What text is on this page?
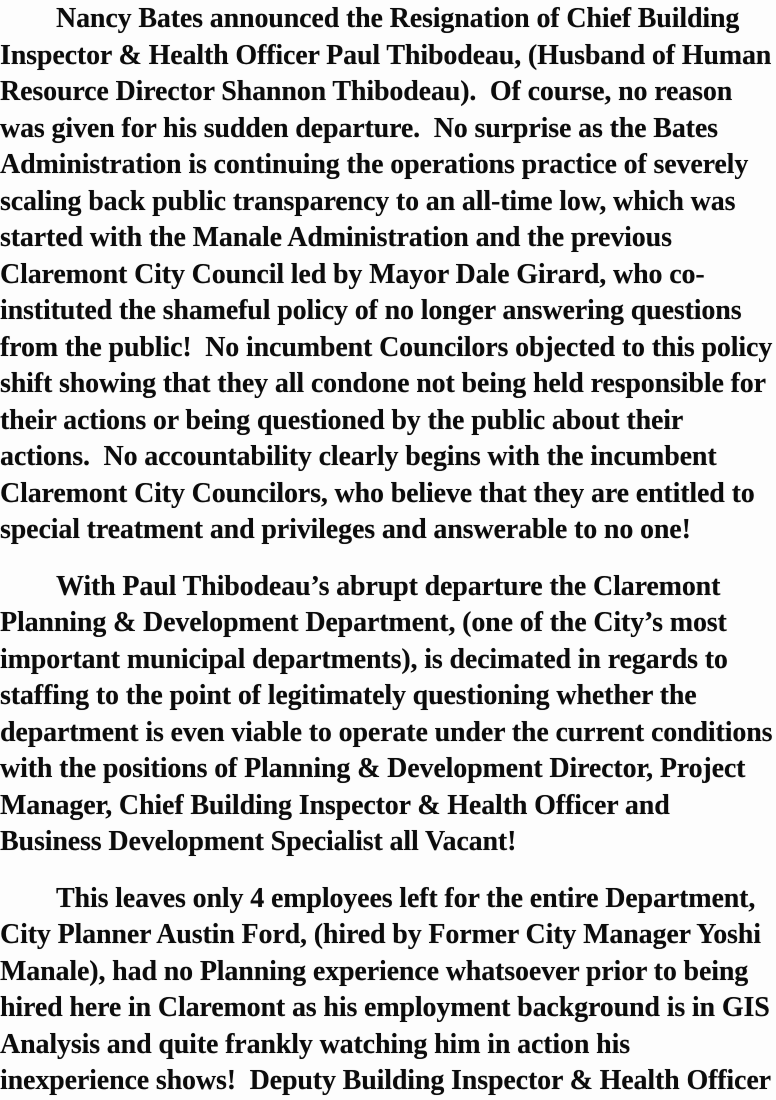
Nancy Bates announced the Resignation of Chief Building
Inspector & Health Officer Paul Thibodeau, (Husband of Human
Resource Director Shannon Thibodeau).  Of course, no reason
was given for his sudden departure.  No surprise as the Bates
Administration is continuing the operations practice of severely
scaling back public transparency to an all-time low, which was
started with the Manale Administration and the previous
Claremont City Council led by Mayor Dale Girard, who co-
instituted the shameful policy of no longer answering questions
from the public!  No incumbent Councilors objected to this policy
shift showing that they all condone not being held responsible for
their actions or being questioned by the public about their
actions.  No accountability clearly begins with the incumbent
Claremont City Councilors, who believe that they are entitled to
special treatment and privileges and answerable to no one!
With Paul Thibodeau’s abrupt departure the Claremont
Planning & Development Department, (one of the City’s most
important municipal departments), is decimated in regards to
staffing to the point of legitimately questioning whether the
department is even viable to operate under the current conditions
with the positions of Planning & Development Director, Project
Manager, Chief Building Inspector & Health Officer and
Business Development Specialist all Vacant!
This leaves only 4 employees left for the entire Department,
City Planner Austin Ford, (hired by Former City Manager Yoshi
Manale), had no Planning experience whatsoever prior to being
hired here in Claremont as his employment background is in GIS
Analysis and quite frankly watching him in action his
inexperience shows!  Deputy Building Inspector & Health Officer
